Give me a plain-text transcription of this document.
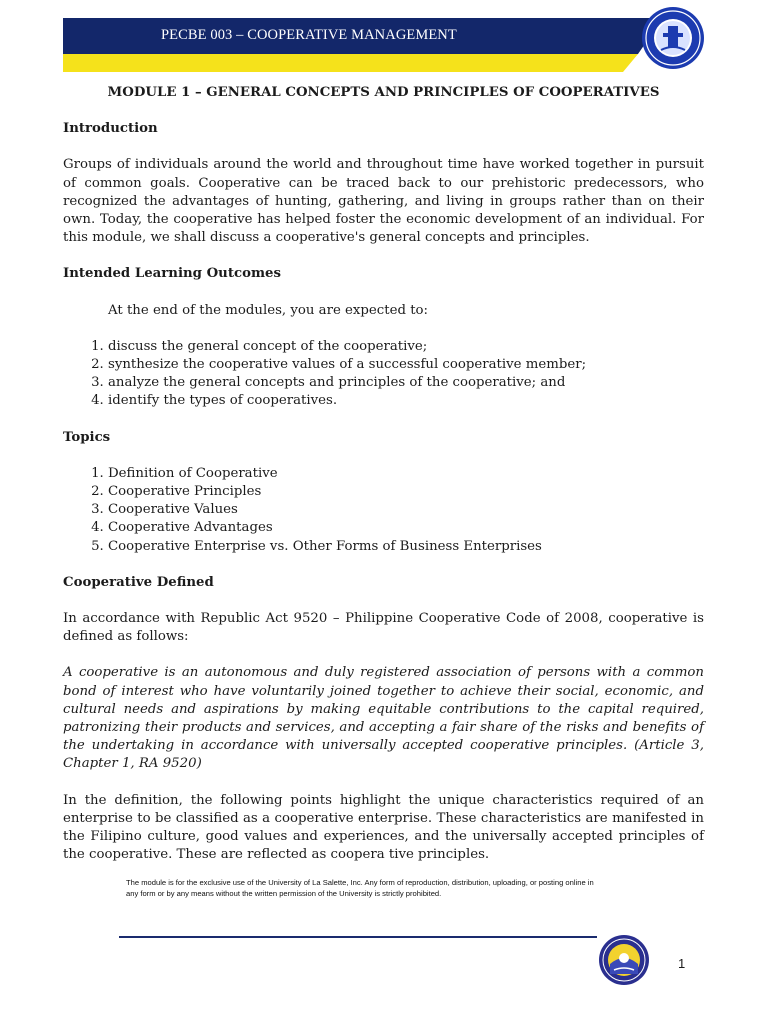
PECBE 003 – COOPERATIVE MANAGEMENT

MODULE 1 – GENERAL CONCEPTS AND PRINCIPLES OF COOPERATIVES

Introduction

Groups of individuals around the world and throughout time have worked together in pursuit of common goals. Cooperative can be traced back to our prehistoric predecessors, who recognized the advantages of hunting, gathering, and living in groups rather than on their own. Today, the cooperative has helped foster the economic development of an individual. For this module, we shall discuss a cooperative's general concepts and principles.

Intended Learning Outcomes

At the end of the modules, you are expected to:

1. discuss the general concept of the cooperative;
2. synthesize the cooperative values of a successful cooperative member;
3. analyze the general concepts and principles of the cooperative; and
4. identify the types of cooperatives.
Topics
1. Definition of Cooperative
2. Cooperative Principles
3. Cooperative Values
4. Cooperative Advantages
5. Cooperative Enterprise vs. Other Forms of Business Enterprises
Cooperative Defined

In accordance with Republic Act 9520 – Philippine Cooperative Code of 2008, cooperative is defined as follows:

A cooperative is an autonomous and duly registered association of persons with a common bond of interest who have voluntarily joined together to achieve their social, economic, and cultural needs and aspirations by making equitable contributions to the capital required, patronizing their products and services, and accepting a fair share of the risks and benefits of the undertaking in accordance with universally accepted cooperative principles. (Article 3, Chapter 1, RA 9520)

In the definition, the following points highlight the unique characteristics required of an enterprise to be classified as a cooperative enterprise. These characteristics are manifested in the Filipino culture, good values and experiences, and the universally accepted principles of the cooperative. These are reflected as coopera tive principles.

The module is for the exclusive use of the University of La Salette, Inc. Any form of reproduction, distribution, uploading, or posting online in any form or by any means without the written permission of the University is strictly prohibited.
1
